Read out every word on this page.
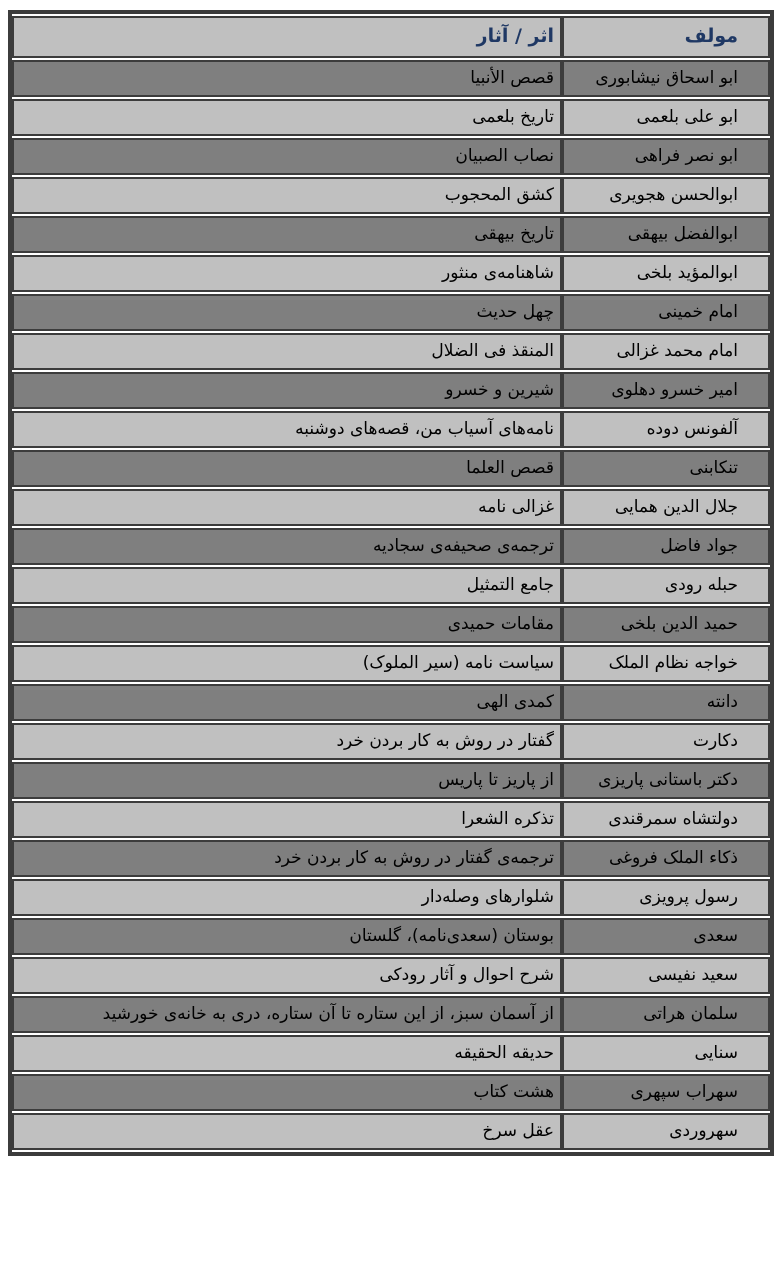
مولف	اثر / آثار
ابو اسحاق نیشابوری	قصص الأنبیا
ابو علی بلعمی	تاریخ بلعمی
ابو نصر فراهی	نصاب الصبیان
ابوالحسن هجویری	کشق المحجوب
ابوالفضل بیهقی	تاریخ بیهقی
ابوالمؤید بلخی	شاهنامه‌ی منثور
امام خمینی	چهل حدیث
امام محمد غزالی	المنقذ فی الضلال
امیر خسرو دهلوی	شیرین و خسرو
آلفونس دوده	نامه‌های آسیاب من، قصه‌های دوشنبه
تنکابنی	قصص العلما
جلال الدین همایی	غزالی نامه
جواد فاضل	ترجمه‌ی صحیفه‌ی سجادیه
حبله رودی	جامع التمثیل
حمید الدین بلخی	مقامات حمیدی
خواجه نظام الملک	سیاست نامه (سیر الملوک)
دانته	کمدی الهی
دکارت	گفتار در روش به کار بردن خرد
دکتر باستانی پاریزی	از پاریز تا پاریس
دولتشاه سمرقندی	تذکره الشعرا
ذکاء الملک فروغی	ترجمه‌ی گفتار در روش به کار بردن خرد
رسول پرویزی	شلوارهای وصله‌دار
سعدی	بوستان (سعدی‌نامه)، گلستان
سعید نفیسی	شرح احوال و آثار رودکی
سلمان هراتی	از آسمان سبز، از این ستاره تا آن ستاره، دری به خانه‌ی خورشید
سنایی	حدیقه الحقیقه
سهراب سپهری	هشت کتاب
سهروردی	عقل سرخ
